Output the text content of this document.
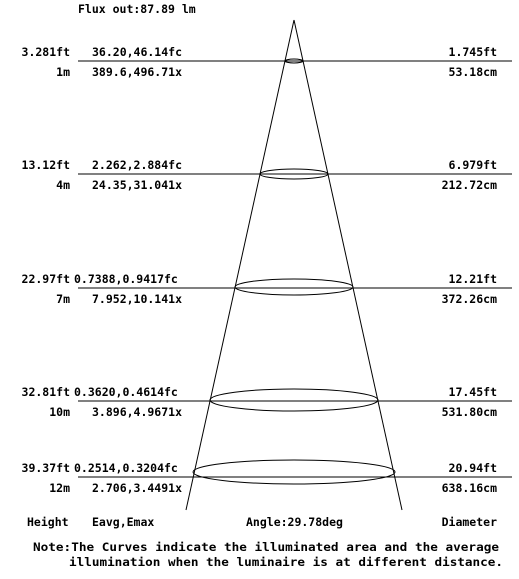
Flux out:87.89 lm
3.281ft
1m
36.20,46.14fc
389.6,496.71x
1.745ft
53.18cm
13.12ft
4m
2.262,2.884fc
24.35,31.041x
6.979ft
212.72cm
22.97ft
7m
0.7388,0.9417fc
7.952,10.141x
12.21ft
372.26cm
32.81ft
10m
0.3620,0.4614fc
3.896,4.9671x
17.45ft
531.80cm
39.37ft
12m
0.2514,0.3204fc
2.706,3.4491x
20.94ft
638.16cm
Height Eavg,Emax	Angle:29.78deg	Diameter
Note:The Curves indicate the illuminated area and the average
illumination when the luminaire is at different distance.
